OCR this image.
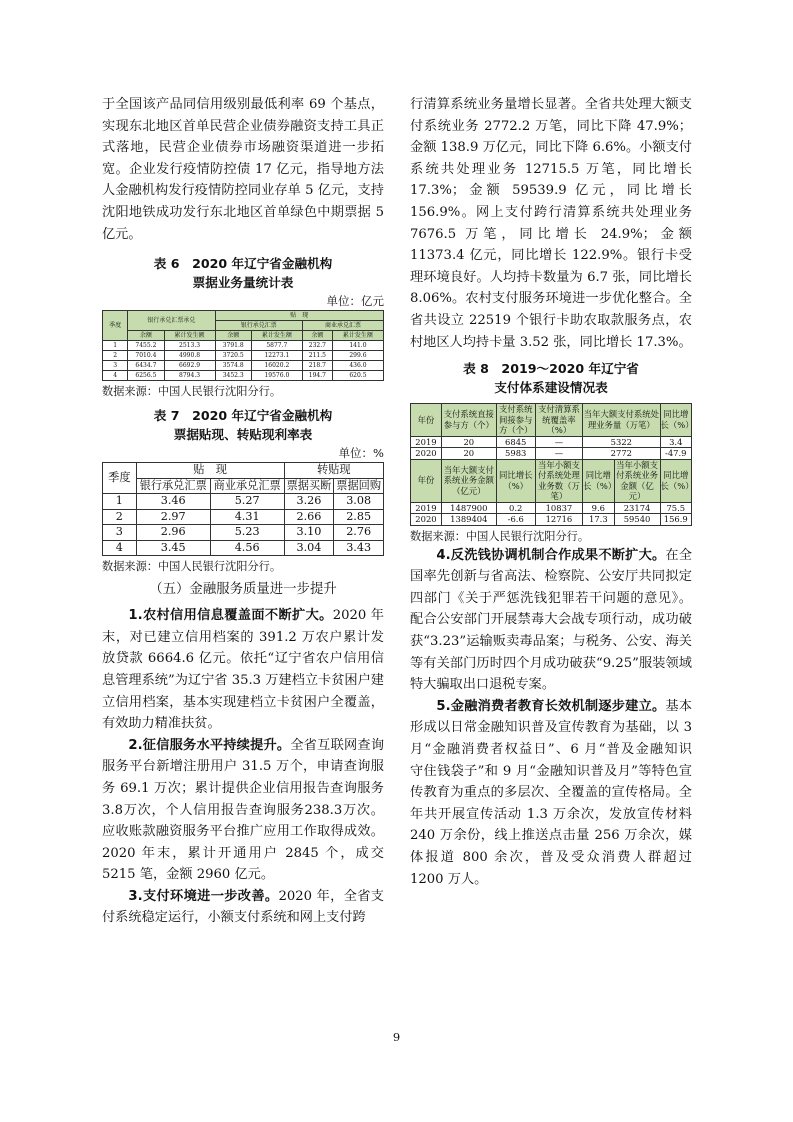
于全国该产品同信用级别最低利率 69 个基点，实现东北地区首单民营企业债券融资支持工具正式落地，民营企业债券市场融资渠道进一步拓宽。企业发行疫情防控债 17 亿元，指导地方法人金融机构发行疫情防控同业存单 5 亿元，支持沈阳地铁成功发行东北地区首单绿色中期票据 5 亿元。

表 6　2020 年辽宁省金融机构

票据业务量统计表

单位：亿元

季度	银行承兑汇票承兑		贴　现			
			银行承兑汇票		商业承兑汇票	
	余额	累计发生额	余额	累计发生额	余额	累计发生额
1	7455.2	2513.3	3791.8	5877.7	232.7	141.0
2	7010.4	4990.8	3720.5	12273.1	211.5	299.6
3	6434.7	6692.9	3574.8	16020.2	218.7	436.0
4	6256.5	8794.3	3452.3	19576.0	194.7	620.5

数据来源：中国人民银行沈阳分行。

表 7　2020 年辽宁省金融机构

票据贴现、转贴现利率表

单位：%

季度	贴　现		转贴现	
	银行承兑汇票	商业承兑汇票	票据买断	票据回购
1	3.46	5.27	3.26	3.08
2	2.97	4.31	2.66	2.85
3	2.96	5.23	3.10	2.76
4	3.45	4.56	3.04	3.43

数据来源：中国人民银行沈阳分行。

（五）金融服务质量进一步提升

1.农村信用信息覆盖面不断扩大。2020 年末，对已建立信用档案的 391.2 万农户累计发放贷款 6664.6 亿元。依托“辽宁省农户信用信息管理系统”为辽宁省 35.3 万建档立卡贫困户建立信用档案，基本实现建档立卡贫困户全覆盖，有效助力精准扶贫。

2.征信服务水平持续提升。全省互联网查询服务平台新增注册用户 31.5 万个，申请查询服务 69.1 万次；累计提供企业信用报告查询服务3.8万次，个人信用报告查询服务238.3万次。应收账款融资服务平台推广应用工作取得成效。2020 年末，累计开通用户 2845 个，成交 5215 笔，金额 2960 亿元。

3.支付环境进一步改善。2020 年，全省支付系统稳定运行，小额支付系统和网上支付跨

行清算系统业务量增长显著。全省共处理大额支付系统业务 2772.2 万笔，同比下降 47.9%；金额 138.9 万亿元，同比下降 6.6%。小额支付系统共处理业务 12715.5 万笔，同比增长 17.3%；金额 59539.9 亿元，同比增长 156.9%。网上支付跨行清算系统共处理业务 7676.5 万笔，同比增长 24.9%；金额 11373.4 亿元，同比增长 122.9%。银行卡受理环境良好。人均持卡数量为 6.7 张，同比增长 8.06%。农村支付服务环境进一步优化整合。全省共设立 22519 个银行卡助农取款服务点，农村地区人均持卡量 3.52 张，同比增长 17.3%。

表 8　2019～2020 年辽宁省

支付体系建设情况表

年份	支付系统直接参与方（个）	支付系统间接参与方（个）	支付清算系统覆盖率（%）	当年大额支付系统处理业务量（万笔）		同比增长（%）
2019	20	6845	—	5322		3.4
2020	20	5983	—	2772		-47.9
年份	当年大额支付系统业务金额（亿元）	同比增长（%）	当年小额支付系统处理业务数（万笔）	同比增长（%）	当年小额支付系统业务金额（亿元）	同比增长（%）
2019	1487900	0.2	10837	9.6	23174	75.5
2020	1389404	-6.6	12716	17.3	59540	156.9

数据来源：中国人民银行沈阳分行。

4.反洗钱协调机制合作成果不断扩大。在全国率先创新与省高法、检察院、公安厅共同拟定四部门《关于严惩洗钱犯罪若干问题的意见》。配合公安部门开展禁毒大会战专项行动，成功破获“3.23”运输贩卖毒品案；与税务、公安、海关等有关部门历时四个月成功破获“9.25”服装领域特大骗取出口退税专案。

5.金融消费者教育长效机制逐步建立。基本形成以日常金融知识普及宣传教育为基础，以 3 月“金融消费者权益日”、6 月“普及金融知识　守住钱袋子”和 9 月“金融知识普及月”等特色宣传教育为重点的多层次、全覆盖的宣传格局。全年共开展宣传活动 1.3 万余次，发放宣传材料 240 万余份，线上推送点击量 256 万余次，媒体报道 800 余次，普及受众消费人群超过 1200 万人。

9
